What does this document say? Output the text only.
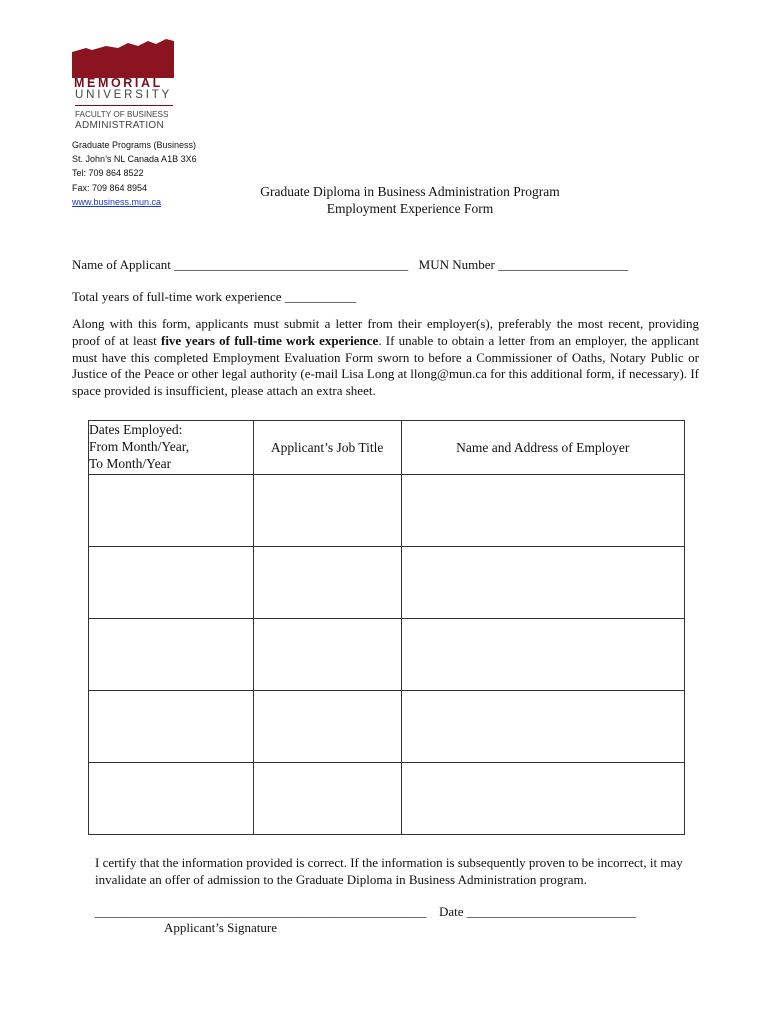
MEMORIAL
UNIVERSITY
FACULTY OF BUSINESS
ADMINISTRATION
Graduate Programs (Business)
St. John’s NL Canada A1B 3X6
Tel: 709 864 8522
Fax: 709 864 8954
www.business.mun.ca
Graduate Diploma in Business Administration Program
Employment Experience Form
Name of Applicant ____________________________________ MUN Number ____________________
Total years of full-time work experience ___________
Along with this form, applicants must submit a letter from their employer(s), preferably the most recent, providing proof of at least five years of full-time work experience. If unable to obtain a letter from an employer, the applicant must have this completed Employment Evaluation Form sworn to before a Commissioner of Oaths, Notary Public or Justice of the Peace or other legal authority (e-mail Lisa Long at llong@mun.ca for this additional form, if necessary). If space provided is insufficient, please attach an extra sheet.
Dates Employed:
From Month/Year,
To Month/Year	Applicant’s Job Title	Name and Address of Employer

I certify that the information provided is correct. If the information is subsequently proven to be incorrect, it may invalidate an offer of admission to the Graduate Diploma in Business Administration program.
___________________________________________________ Date __________________________
Applicant’s Signature
